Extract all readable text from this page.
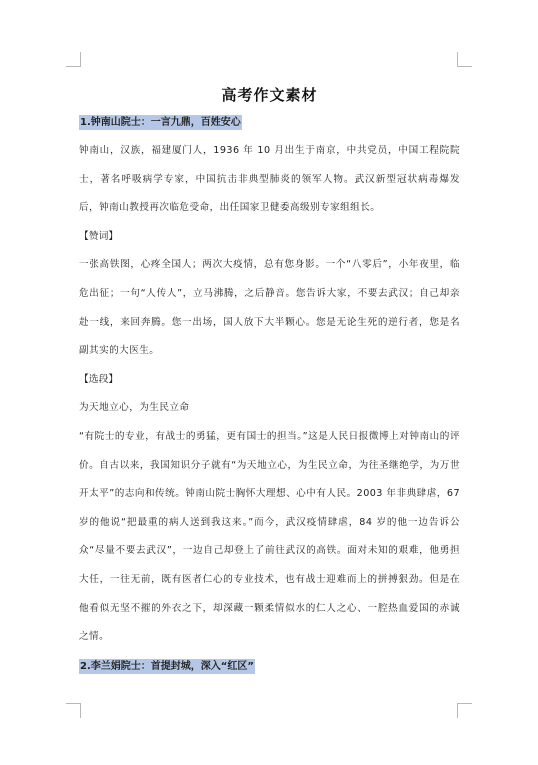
高考作文素材

1.钟南山院士：一言九鼎，百姓安心

钟南山，汉族，福建厦门人，1936 年 10 月出生于南京，中共党员，中国工程院院士，著名呼吸病学专家，中国抗击非典型肺炎的领军人物。武汉新型冠状病毒爆发后，钟南山教授再次临危受命，出任国家卫健委高级别专家组组长。

【赞词】

一张高铁图，心疼全国人；两次大疫情，总有您身影。一个“八零后”，小年夜里，临危出征；一句“人传人”，立马沸腾，之后静音。您告诉大家，不要去武汉；自己却亲赴一线，来回奔腾。您一出场，国人放下大半颗心。您是无论生死的逆行者，您是名副其实的大医生。

【选段】

为天地立心，为生民立命

“有院士的专业，有战士的勇猛，更有国士的担当。”这是人民日报微博上对钟南山的评价。自古以来，我国知识分子就有“为天地立心，为生民立命，为往圣继绝学，为万世开太平”的志向和传统。钟南山院士胸怀大理想、心中有人民。2003 年非典肆虐，67 岁的他说“把最重的病人送到我这来。”而今，武汉疫情肆虐，84 岁的他一边告诉公众“尽量不要去武汉”，一边自己却登上了前往武汉的高铁。面对未知的艰难，他勇担大任，一往无前，既有医者仁心的专业技术，也有战士迎难而上的拼搏狠劲。但是在他看似无坚不摧的外衣之下，却深藏一颗柔情似水的仁人之心、一腔热血爱国的赤诚之情。

2.李兰娟院士：首提封城，深入“红区”
